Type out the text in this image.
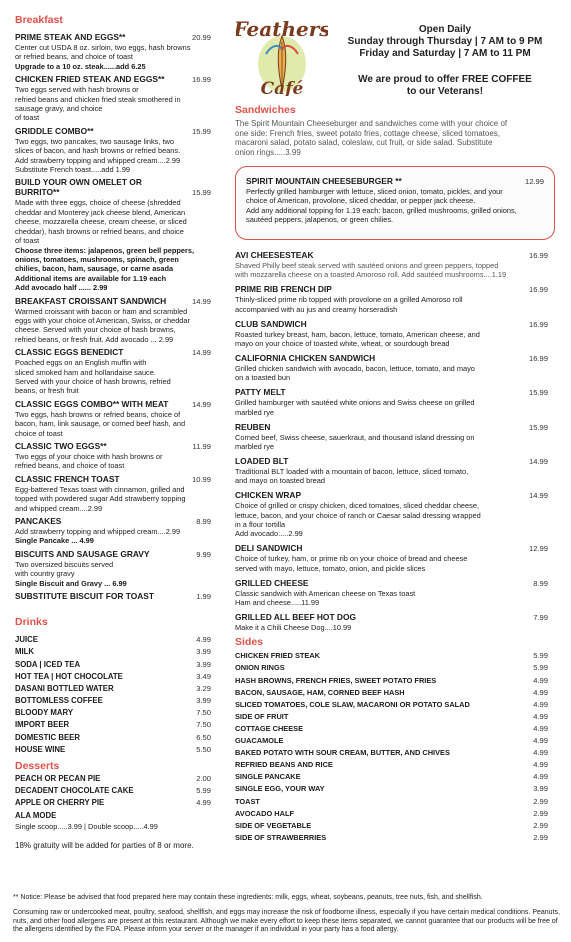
Breakfast
PRIME STEAK AND EGGS**	20.99
Center cut USDA 8 oz. sirloin, two eggs, hash browns
or refried beans, and choice of toast
Upgrade to a 10 oz. steak......add 6.25
CHICKEN FRIED STEAK AND EGGS**	16.99
Two eggs served with hash browns or
refried beans and chicken fried steak smothered in
sausage gravy, and choice
of toast
GRIDDLE COMBO**	15.99
Two eggs, two pancakes, two sausage links, two
slices of bacon, and hash browns or refried beans.
Add strawberry topping and whipped cream....2.99
Substitute French toast.....add 1.99
BUILD YOUR OWN OMELET OR
BURRITO**	15.99
Made with three eggs, choice of cheese (shredded
cheddar and Monterey jack cheese blend, American
cheese, mozzarella cheese, cream cheese, or sliced
cheddar), hash browns or refried beans, and choice
of toast
Choose three items: jalapenos, green bell peppers,
onions, tomatoes, mushrooms, spinach, green
chilies, bacon, ham, sausage, or carne asada
Additional items are available for 1.19 each
Add avocado half ...... 2.99
BREAKFAST CROISSANT SANDWICH	14.99
Warmed croissant with bacon or ham and scrambled
eggs with your choice of American, Swiss, or cheddar
cheese. Served with your choice of hash browns,
refried beans, or fresh fruit. Add avocado ... 2.99
CLASSIC EGGS BENEDICT	14.99
Poached eggs on an English muffin with
sliced smoked ham and hollandaise sauce.
Served with your choice of hash browns, refried
beans, or fresh fruit
CLASSIC EGGS COMBO** WITH MEAT	14.99
Two eggs, hash browns or refried beans, choice of
bacon, ham, link sausage, or corned beef hash, and
choice of toast
CLASSIC TWO EGGS**	11.99
Two eggs of your choice with hash browns or
refried beans, and choice of toast
CLASSIC FRENCH TOAST	10.99
Egg-battered Texas toast with cinnamon, grilled and
topped with powdered sugar Add strawberry topping
and whipped cream....2.99
PANCAKES	8.99
Add strawberry topping and whipped cream....2.99
Single Pancake ... 4.99
BISCUITS AND SAUSAGE GRAVY	9.99
Two oversized biscuits served
with country gravy
Single Biscuit and Gravy ... 6.99
SUBSTITUTE BISCUIT FOR TOAST	1.99
Drinks
JUICE	4.99
MILK	3.99
SODA | ICED TEA	3.99
HOT TEA | HOT CHOCOLATE	3.49
DASANI BOTTLED WATER	3.29
BOTTOMLESS COFFEE	3.99
BLOODY MARY	7.50
IMPORT BEER	7.50
DOMESTIC BEER	6.50
HOUSE WINE	5.50
Desserts
PEACH OR PECAN PIE	2.00
DECADENT CHOCOLATE CAKE	5.99
APPLE OR CHERRY PIE	4.99
ALA MODE
Single scoop.....3.99 | Double scoop.....4.99
18% gratuity will be added for parties of 8 or more.
Feathers
Café
Open Daily
Sunday through Thursday | 7 AM to 9 PM
Friday and Saturday | 7 AM to 11 PM
We are proud to offer FREE COFFEE
to our Veterans!
Sandwiches
The Spirit Mountain Cheeseburger and sandwiches come with your choice of
one side: French fries, sweet potato fries, cottage cheese, sliced tomatoes,
macaroni salad, potato salad, coleslaw, cut fruit, or side salad. Substitute
onion rings.....3.99
SPIRIT MOUNTAIN CHEESEBURGER **	12.99
Perfectly grilled hamburger with lettuce, sliced onion, tomato, pickles, and your
choice of American, provolone, sliced cheddar, or pepper jack cheese.
Add any additional topping for 1.19 each: bacon, grilled mushrooms, grilled onions,
sautéed peppers, jalapenos, or green chilies.
AVI CHEESESTEAK	16.99
Shaved Philly beef steak served with sautéed onions and green peppers, topped
with mozzarella cheese on a toasted Amoroso roll. Add sautéed mushrooms....1.19
PRIME RIB FRENCH DIP	16.99
Thinly-sliced prime rib topped with provolone on a grilled Amoroso roll
accompanied with au jus and creamy horseradish
CLUB SANDWICH	16.99
Roasted turkey breast, ham, bacon, lettuce, tomato, American cheese, and
mayo on your choice of toasted white, wheat, or sourdough bread
CALIFORNIA CHICKEN SANDWICH	16.99
Grilled chicken sandwich with avocado, bacon, lettuce, tomato, and mayo
on a toasted bun
PATTY MELT	15.99
Grilled hamburger with sautéed white onions and Swiss cheese on grilled
marbled rye
REUBEN	15.99
Corned beef, Swiss cheese, sauerkraut, and thousand island dressing on
marbled rye
LOADED BLT	14.99
Traditional BLT loaded with a mountain of bacon, lettuce, sliced tomato,
and mayo on toasted bread
CHICKEN WRAP	14.99
Choice of grilled or crispy chicken, diced tomatoes, sliced cheddar cheese,
lettuce, bacon, and your choice of ranch or Caesar salad dressing wrapped
in a flour tortilla
Add avocado.....2.99
DELI SANDWICH	12.99
Choice of turkey, ham, or prime rib on your choice of bread and cheese
served with mayo, lettuce, tomato, onion, and pickle slices
GRILLED CHEESE	8.99
Classic sandwich with American cheese on Texas toast
Ham and cheese.....11.99
GRILLED ALL BEEF HOT DOG	7.99
Make it a Chili Cheese Dog....10.99
Sides
CHICKEN FRIED STEAK	5.99
ONION RINGS	5.99
HASH BROWNS, FRENCH FRIES, SWEET POTATO FRIES	4.99
BACON, SAUSAGE, HAM, CORNED BEEF HASH	4.99
SLICED TOMATOES, COLE SLAW, MACARONI OR POTATO SALAD	4.99
SIDE OF FRUIT	4.99
COTTAGE CHEESE	4.99
GUACAMOLE	4.99
BAKED POTATO WITH SOUR CREAM, BUTTER, AND CHIVES	4.99
REFRIED BEANS AND RICE	4.99
SINGLE PANCAKE	4.99
SINGLE EGG, YOUR WAY	3.99
TOAST	2.99
AVOCADO HALF	2.99
SIDE OF VEGETABLE	2.99
SIDE OF STRAWBERRIES	2.99
** Notice: Please be advised that food prepared here may contain these ingredients: milk, eggs, wheat, soybeans, peanuts, tree nuts, fish, and shellfish.
Consuming raw or undercooked meat, poultry, seafood, shellfish, and eggs may increase the risk of foodborne illness, especially if you have certain medical conditions. Peanuts, nuts, and other food allergens are present at this restaurant. Although we make every effort to keep these items separated, we cannot guarantee that our products will be free of the allergens identified by the FDA. Please inform your server or the manager if an individual in your party has a food allergy.
